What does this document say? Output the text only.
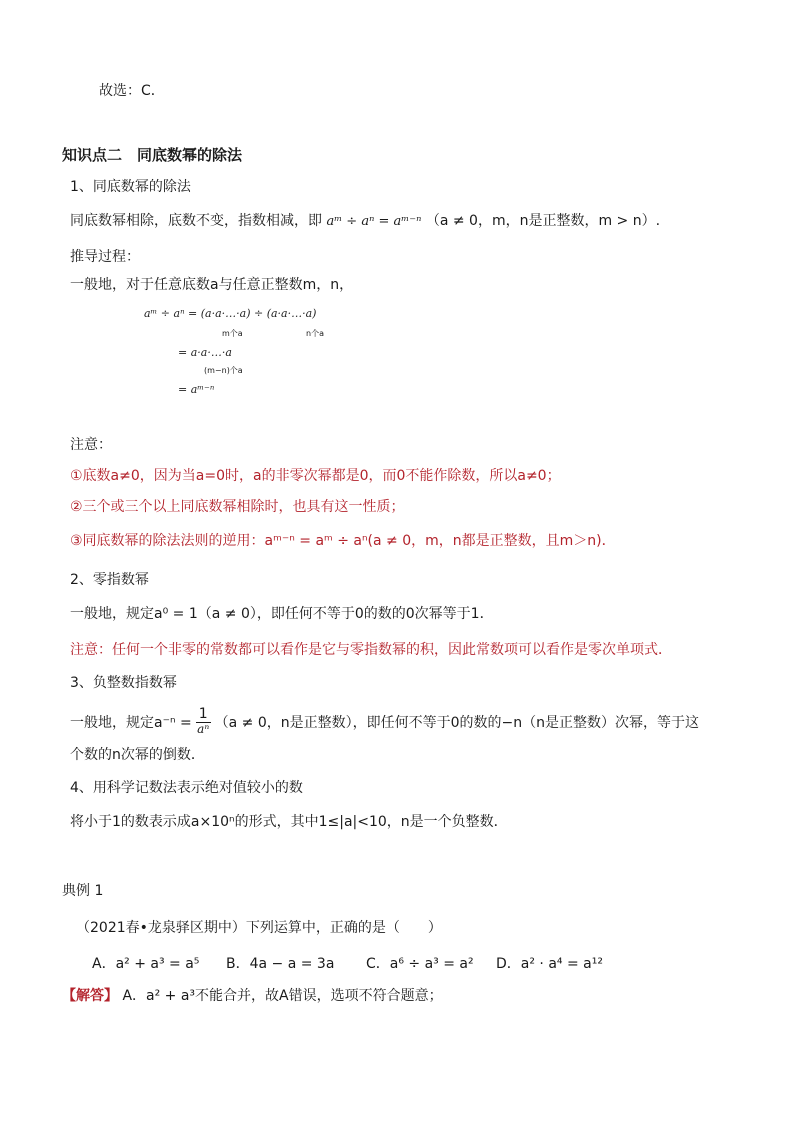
故选：C．
知识点二　同底数幂的除法
1、同底数幂的除法
同底数幂相除，底数不变，指数相减，即 aᵐ ÷ aⁿ = aᵐ⁻ⁿ （a ≠ 0，m，n是正整数，m > n）.
推导过程：
一般地，对于任意底数a与任意正整数m，n，
aᵐ ÷ aⁿ = (a·a·…·a) ÷ (a·a·…·a)
m个a	n个a
= a·a·…·a
(m−n)个a
= aᵐ⁻ⁿ
注意：
①底数a≠0，因为当a=0时，a的非零次幂都是0，而0不能作除数，所以a≠0；
②三个或三个以上同底数幂相除时，也具有这一性质；
③同底数幂的除法法则的逆用：aᵐ⁻ⁿ = aᵐ ÷ aⁿ(a ≠ 0，m，n都是正整数，且m＞n)．
2、零指数幂
一般地，规定a⁰ = 1（a ≠ 0），即任何不等于0的数的0次幂等于1．
注意：任何一个非零的常数都可以看作是它与零指数幂的积，因此常数项可以看作是零次单项式．
3、负整数指数幂
一般地，规定$a^{-n} = \frac{1}{\text{aⁿ}} (a \ne 0$，n是正整数），即任何不等于0的数的−n（n是正整数）次幂，等于这
个数的n次幂的倒数．
4、用科学记数法表示绝对值较小的数
将小于1的数表示成a×10ⁿ的形式，其中1≤|a|<10，n是一个负整数．
典例 1
（2021春•龙泉驿区期中）下列运算中，正确的是（　　）
A．a² + a³ = a⁵ B．4a − a = 3a C．a⁶ ÷ a³ = a² D．a² · a⁴ = a¹²
【解答】 A．a² + a³不能合并，故A错误，选项不符合题意；
